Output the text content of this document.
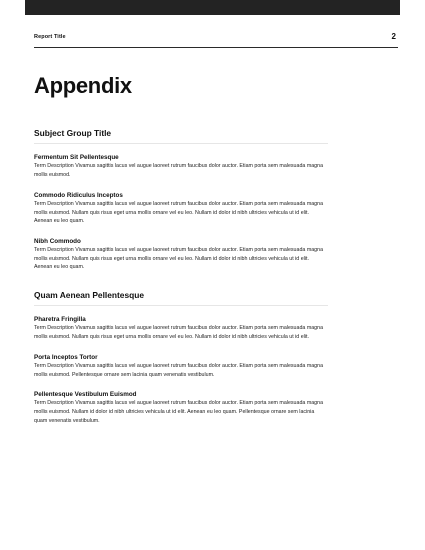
Report Title	2
Appendix
Subject Group Title
Fermentum Sit Pellentesque
Term Description Vivamus sagittis lacus vel augue laoreet rutrum faucibus dolor auctor. Etiam porta sem malesuada magna mollis euismod.
Commodo Ridiculus Inceptos
Term Description Vivamus sagittis lacus vel augue laoreet rutrum faucibus dolor auctor. Etiam porta sem malesuada magna mollis euismod. Nullam quis risus eget urna mollis ornare vel eu leo. Nullam id dolor id nibh ultricies vehicula ut id elit. Aenean eu leo quam.
Nibh Commodo
Term Description Vivamus sagittis lacus vel augue laoreet rutrum faucibus dolor auctor. Etiam porta sem malesuada magna mollis euismod. Nullam quis risus eget urna mollis ornare vel eu leo. Nullam id dolor id nibh ultricies vehicula ut id elit. Aenean eu leo quam.
Quam Aenean Pellentesque
Pharetra Fringilla
Term Description Vivamus sagittis lacus vel augue laoreet rutrum faucibus dolor auctor. Etiam porta sem malesuada magna mollis euismod. Nullam quis risus eget urna mollis ornare vel eu leo. Nullam id dolor id nibh ultricies vehicula ut id elit.
Porta Inceptos Tortor
Term Description Vivamus sagittis lacus vel augue laoreet rutrum faucibus dolor auctor. Etiam porta sem malesuada magna mollis euismod. Pellentesque ornare sem lacinia quam venenatis vestibulum.
Pellentesque Vestibulum Euismod
Term Description Vivamus sagittis lacus vel augue laoreet rutrum faucibus dolor auctor. Etiam porta sem malesuada magna mollis euismod. Nullam id dolor id nibh ultricies vehicula ut id elit. Aenean eu leo quam. Pellentesque ornare sem lacinia quam venenatis vestibulum.
